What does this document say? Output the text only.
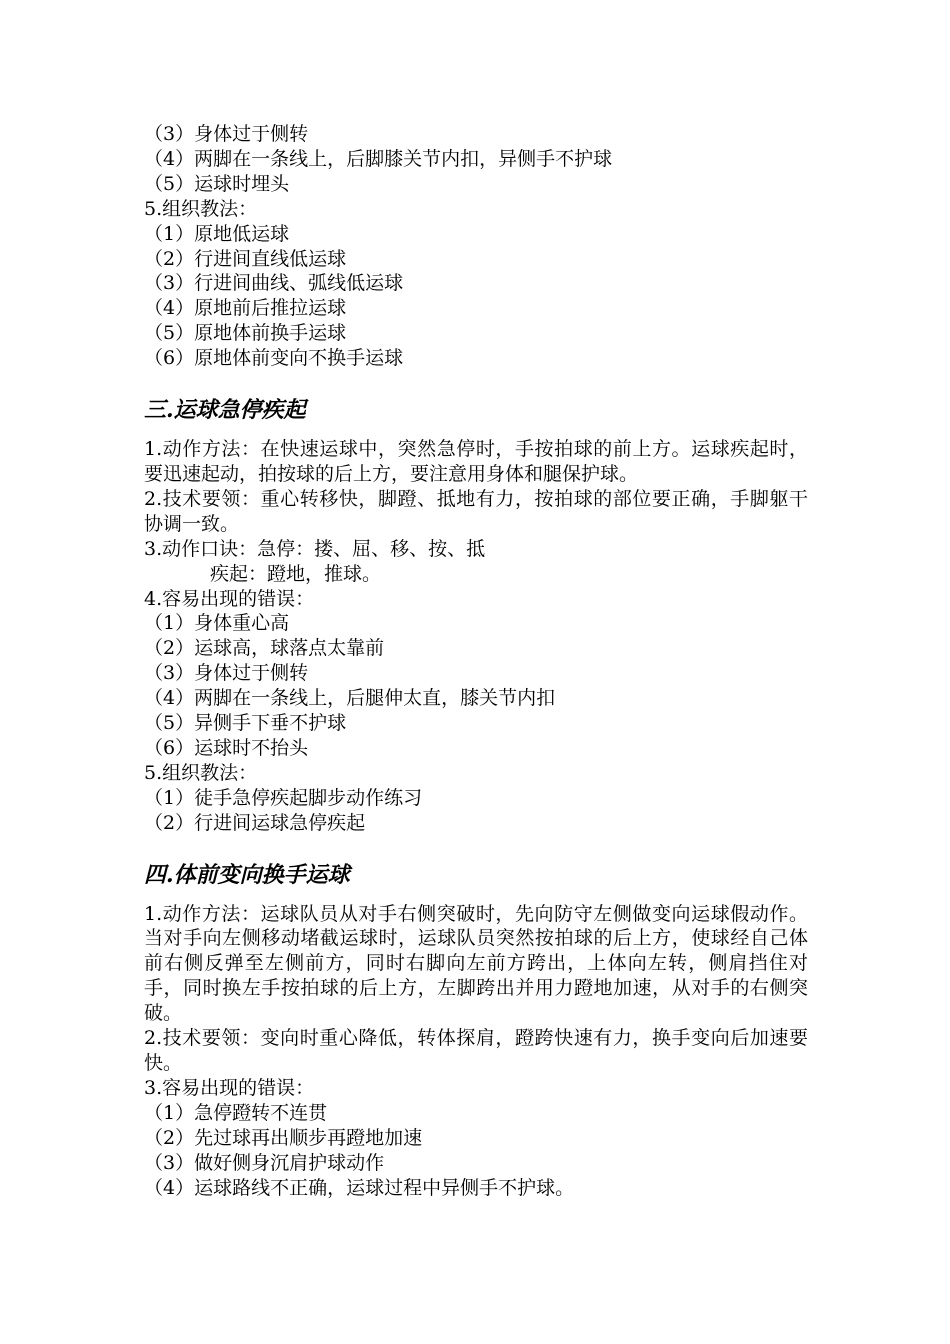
（3）身体过于侧转
（4）两脚在一条线上，后脚膝关节内扣，异侧手不护球
（5）运球时埋头
5.组织教法：
（1）原地低运球
（2）行进间直线低运球
（3）行进间曲线、弧线低运球
（4）原地前后推拉运球
（5）原地体前换手运球
（6）原地体前变向不换手运球
三.运球急停疾起
1.动作方法：在快速运球中，突然急停时，手按拍球的前上方。运球疾起时，要迅速起动，拍按球的后上方，要注意用身体和腿保护球。
2.技术要领：重心转移快，脚蹬、抵地有力，按拍球的部位要正确，手脚躯干协调一致。
3.动作口诀：急停：搂、屈、移、按、抵
疾起：蹬地，推球。
4.容易出现的错误：
（1）身体重心高
（2）运球高，球落点太靠前
（3）身体过于侧转
（4）两脚在一条线上，后腿伸太直，膝关节内扣
（5）异侧手下垂不护球
（6）运球时不抬头
5.组织教法：
（1）徒手急停疾起脚步动作练习
（2）行进间运球急停疾起
四.体前变向换手运球
1.动作方法：运球队员从对手右侧突破时，先向防守左侧做变向运球假动作。当对手向左侧移动堵截运球时，运球队员突然按拍球的后上方，使球经自己体前右侧反弹至左侧前方，同时右脚向左前方跨出，上体向左转，侧肩挡住对手，同时换左手按拍球的后上方，左脚跨出并用力蹬地加速，从对手的右侧突破。
2.技术要领：变向时重心降低，转体探肩，蹬跨快速有力，换手变向后加速要快。
3.容易出现的错误：
（1）急停蹬转不连贯
（2）先过球再出顺步再蹬地加速
（3）做好侧身沉肩护球动作
（4）运球路线不正确，运球过程中异侧手不护球。
